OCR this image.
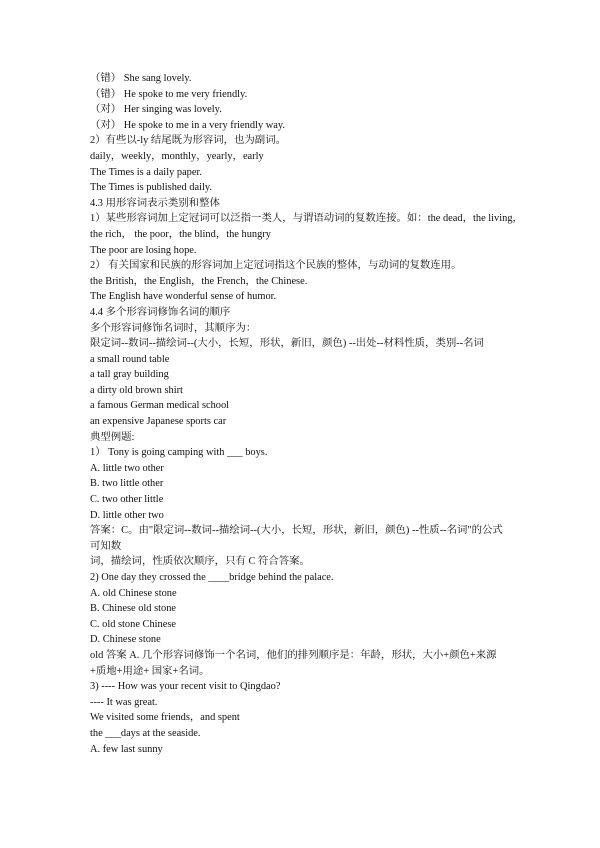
（错） She sang lovely.
（错） He spoke to me very friendly.
（对） Her singing was lovely.
（对） He spoke to me in a very friendly way.
2）有些以-ly 结尾既为形容词，也为副词。
daily，weekly，monthly，yearly，early
The Times is a daily paper.
The Times is published daily.
4.3 用形容词表示类别和整体
1）某些形容词加上定冠词可以泛指一类人，与谓语动词的复数连接。如：the dead，the living，
the rich， the poor，the blind，the hungry
The poor are losing hope.
2） 有关国家和民族的形容词加上定冠词指这个民族的整体，与动词的复数连用。
the British，the English，the French，the Chinese.
The English have wonderful sense of humor.
4.4 多个形容词修饰名词的顺序
多个形容词修饰名词时，其顺序为：
限定词--数词--描绘词--(大小，长短，形状，新旧，颜色) --出处--材料性质，类别--名词
a small round table
a tall gray building
a dirty old brown shirt
a famous German medical school
an expensive Japanese sports car
典型例题:
1） Tony is going camping with ___ boys.
A. little two other
B. two little other
C. two other little
D. little other two
答案：C。由"限定词--数词--描绘词--(大小，长短，形状，新旧，颜色) --性质--名词"的公式
可知数
词，描绘词，性质依次顺序，只有 C 符合答案。
2) One day they crossed the ____bridge behind the palace.
A. old Chinese stone
B. Chinese old stone
C. old stone Chinese
D. Chinese stone
old 答案 A. 几个形容词修饰一个名词，他们的排列顺序是：年龄，形状，大小+颜色+来源
+质地+用途+ 国家+名词。
3) ---- How was your recent visit to Qingdao?
---- It was great.
We visited some friends，and spent
the ___days at the seaside.
A. few last sunny
